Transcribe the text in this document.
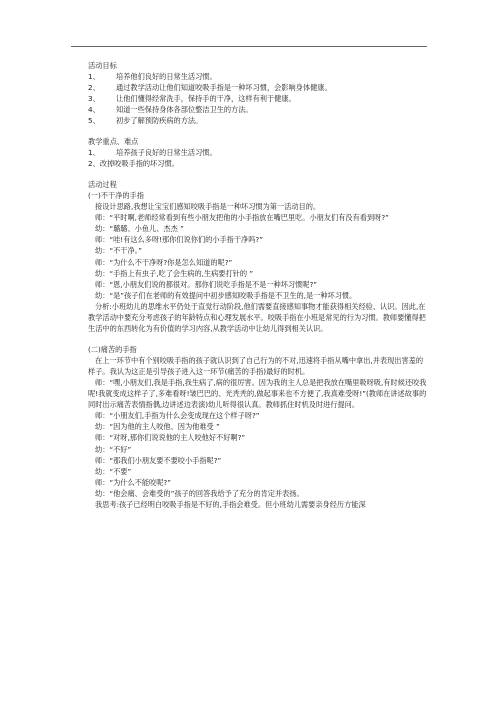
活动目标

1、	培养他们良好的日常生活习惯。

2、	通过教学活动让他们知道咬吸手指是一种坏习惯，会影响身体健康。

3、	让他们懂得经常洗手，保持手的干净，这样有利于健康。

4、	知道一些保持身体各部位整洁卫生的方法。

5、	初步了解预防疾病的方法。

教学重点、难点

1、	培养孩子良好的日常生活习惯。

2、改掉咬吸手指的坏习惯。

活动过程

(一)不干净的手指

接设计思路,我想让宝宝们感知咬吸手指是一种坏习惯为第一活动目的。

师：“平时啊,老师经常看到有些小朋友把他的小手指放在嘴巴里吃。小朋友们有没有看到呀?”

幼：“璐璐、小鱼儿、杰杰 ”

师：“哇!有这么多呀!那你们说你们的小手指干净吗?”

幼：“不干净。”

师：“为什么不干净呀?你是怎么知道的呢?”

幼：“手指上有虫子,吃了会生病的,生病要打针的 ”

师：“恩,小朋友们说的都很对。那你们说吃手指是不是一种坏习惯呢?”

幼：“是”孩子们在老师的有效提问中初步感知咬吸手指是不卫生的,是一种坏习惯。

分析:小班幼儿的思维水平仍处于直觉行动阶段,他们需要直接感知事物才能获得相关经验、认识。因此,在教学活动中要充分考虑孩子的年龄特点和心理发展水平。咬吸手指在小班是常见的行为习惯。教师要懂得把生活中的东西转化为有价值的学习内容,从教学活动中让幼儿得到相关认识。

(二)痛苦的手指

在上一环节中有个别咬吸手指的孩子就认识到了自己行为的不对,迅速将手指从嘴中拿出,并表现出害羞的样子。我认为这正是引导孩子进入这一环节(痛苦的手指)最好的时机。

师：“嘿,小朋友们,我是手指,我生病了,病的很厉害。因为我的主人总是把我放在嘴里吸呀吸,有时候还咬我呢!我就变成这样子了,多难看呀!皱巴巴的、光秃秃的,做起事来也不方便了,我真难受呀!”(教师在讲述故事的同时出示痛苦表情指偶,边讲述边表演)幼儿听得很认真。教师抓住时机及时进行提问。

师：“小朋友们,手指为什么会变成现在这个样子呀?”

幼：“因为他的主人咬他、因为他难受 ”

师：“对呀,那你们说说他的主人咬他好不好啊?”

幼：“不好”

师：“那我们小朋友要不要咬小手指呢?”

幼：“不要”

师：“为什么不能咬呢?”

幼：“他会痛、会难受的”孩子的回答我给予了充分的肯定并表扬。

我思考:孩子已经明白咬吸手指是不好的,手指会难受。但小班幼儿需要亲身经历方能深
